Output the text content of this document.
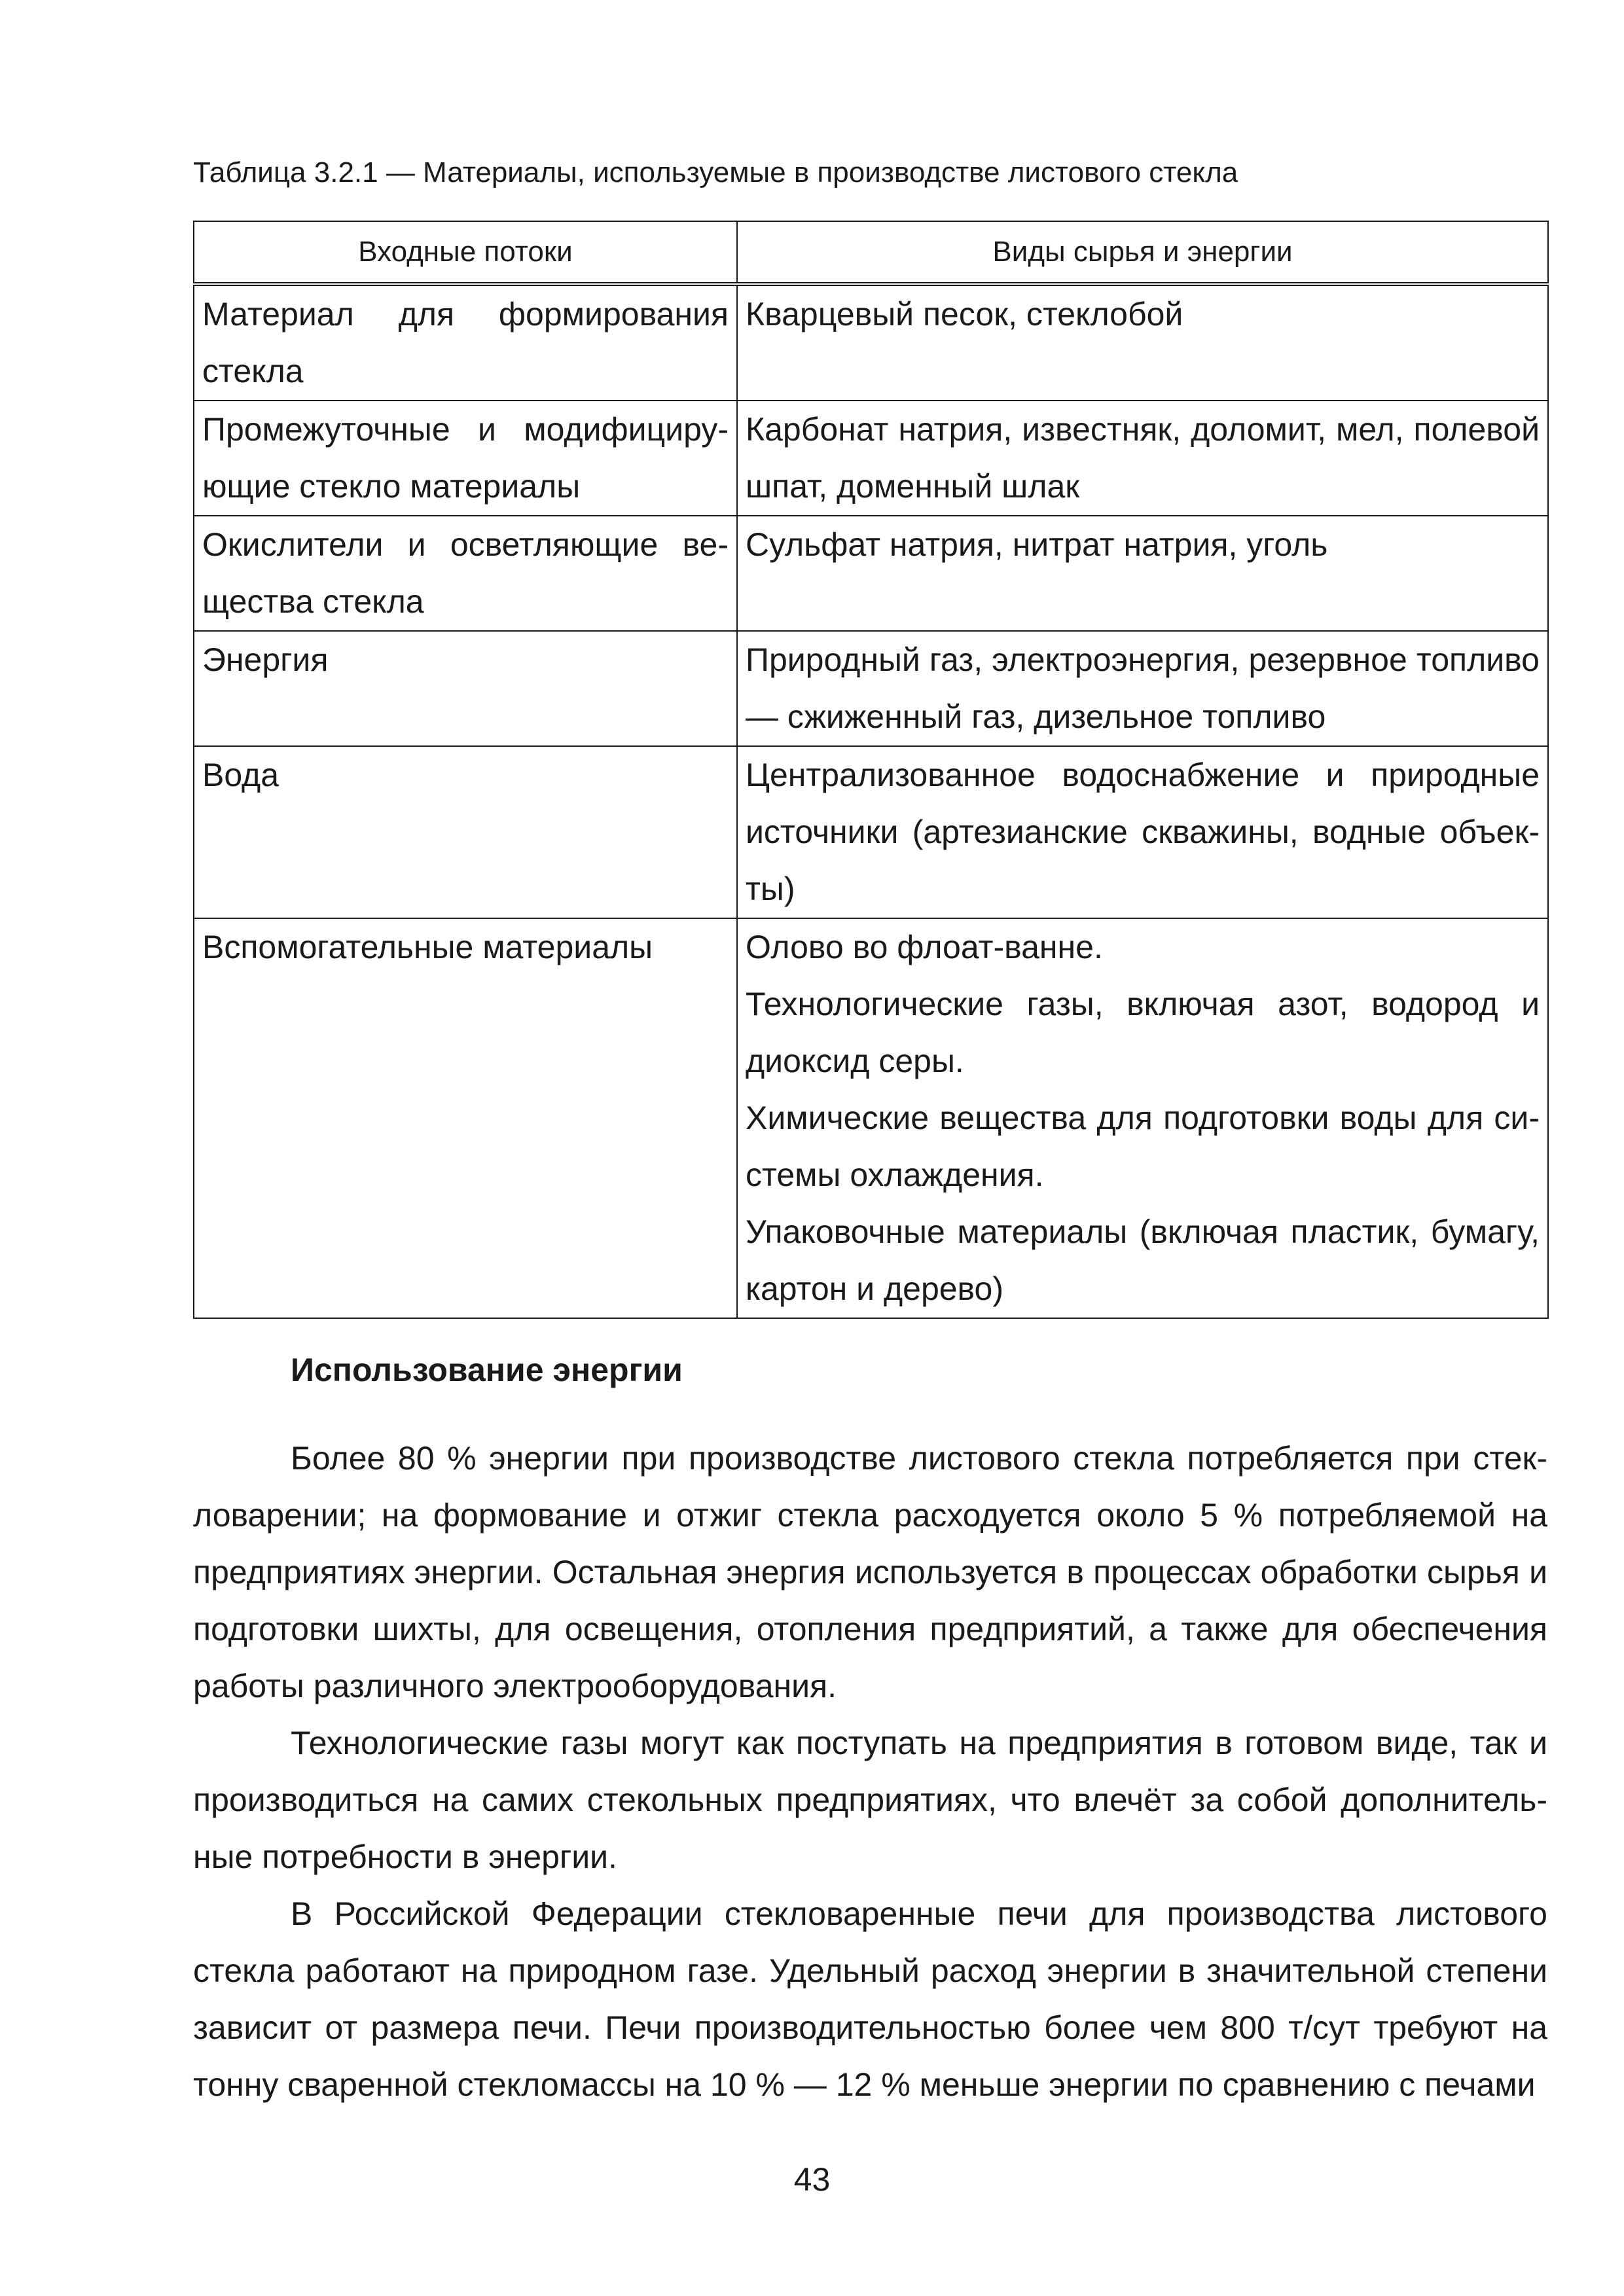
Таблица 3.2.1 — Материалы, используемые в производстве листового стекла
Входные потоки	Виды сырья и энергии
Материал для формирования стекла	Кварцевый песок, стеклобой

Промежуточные и модифицирующие стекло материалы	Карбонат натрия, известняк, доломит, мел, полевой шпат, доменный шлак

Окислители и осветляющие вещества стекла	Сульфат натрия, нитрат натрия, уголь

Энергия	Природный газ, электроэнергия, резервное топливо — сжиженный газ, дизельное топливо

Вода	Централизованное водоснабжение и природные источники (артезианские скважины, водные объекты)

Вспомогательные материалы	Олово во флоат-ванне.

Технологические газы, включая азот, водород и диоксид серы.

Химические вещества для подготовки воды для системы охлаждения.

Упаковочные материалы (включая пластик, бумагу, картон и дерево)

Использование энергии

Более 80 % энергии при производстве листового стекла потребляется при стекловарении; на формование и отжиг стекла расходуется около 5 % потребляемой на предприятиях энергии. Остальная энергия используется в процессах обработки сырья и подготовки шихты, для освещения, отопления предприятий, а также для обеспечения работы различного электрооборудования.

Технологические газы могут как поступать на предприятия в готовом виде, так и производиться на самих стекольных предприятиях, что влечёт за собой дополнительные потребности в энергии.

В Российской Федерации стекловаренные печи для производства листового стекла работают на природном газе. Удельный расход энергии в значительной степени зависит от размера печи. Печи производительностью более чем 800 т/сут требуют на тонну сваренной стекломассы на 10 % — 12 % меньше энергии по сравнению с печами

43
